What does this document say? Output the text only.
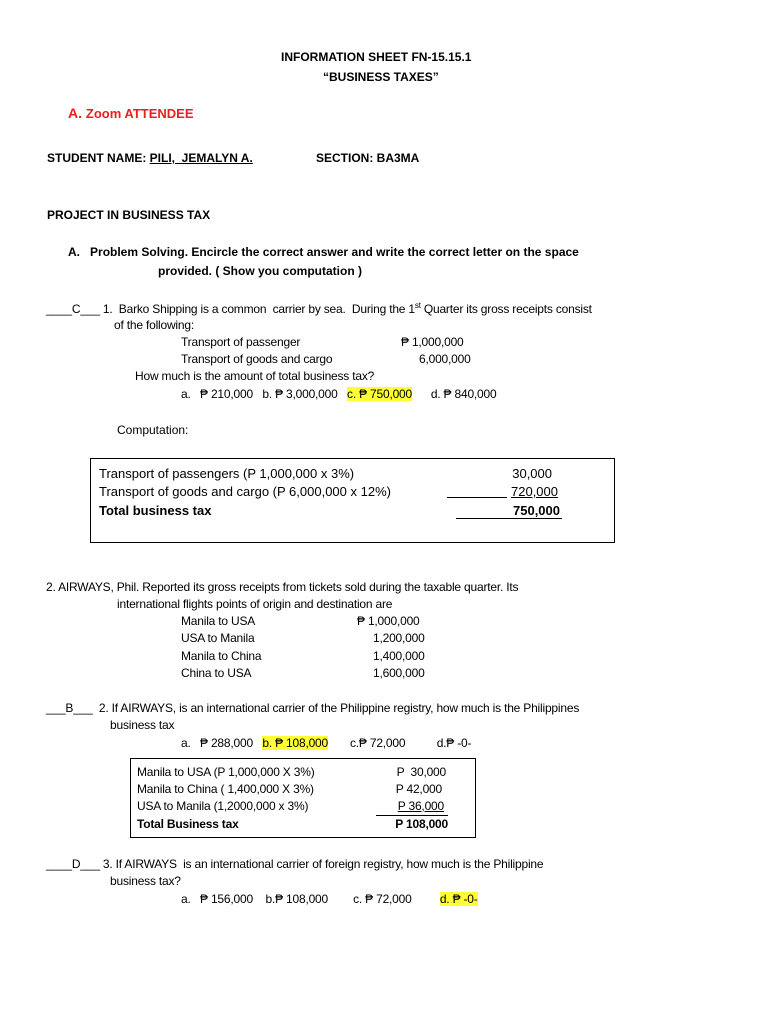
INFORMATION SHEET FN-15.15.1
“BUSINESS TAXES”
A. Zoom ATTENDEE
STUDENT NAME: PILI,  JEMALYN A.	SECTION: BA3MA
PROJECT IN BUSINESS TAX
A. Problem Solving. Encircle the correct answer and write the correct letter on the space
provided. ( Show you computation )
____C___ 1.  Barko Shipping is a common  carrier by sea.  During the 1st Quarter its gross receipts consist
of the following:
Transport of passenger	₱ 1,000,000
Transport of goods and cargo	6,000,000
How much is the amount of total business tax?
a. ₱ 210,000 b. ₱ 3,000,000 c. ₱ 750,000 d. ₱ 840,000
Computation:
Transport of passengers (P 1,000,000 x 3%)	30,000
Transport of goods and cargo (P 6,000,000 x 12%)	720,000
Total business tax	750,000
2. AIRWAYS, Phil. Reported its gross receipts from tickets sold during the taxable quarter. Its
international flights points of origin and destination are
Manila to USA	₱ 1,000,000
USA to Manila	1,200,000
Manila to China	1,400,000
China to USA	1,600,000
___B___  2. If AIRWAYS, is an international carrier of the Philippine registry, how much is the Philippines
business tax
a. ₱ 288,000 b. ₱ 108,000 c.₱ 72,000	d.₱ -0-
Manila to USA (P 1,000,000 X 3%)	P  30,000
Manila to China ( 1,400,000 X 3%)	P 42,000
USA to Manila (1,2000,000 x 3%)	P 36,000
Total Business tax	P 108,000
____D___ 3. If AIRWAYS  is an international carrier of foreign registry, how much is the Philippine
business tax?
a. ₱ 156,000 b.₱ 108,000 c. ₱ 72,000 d. ₱ -0-
